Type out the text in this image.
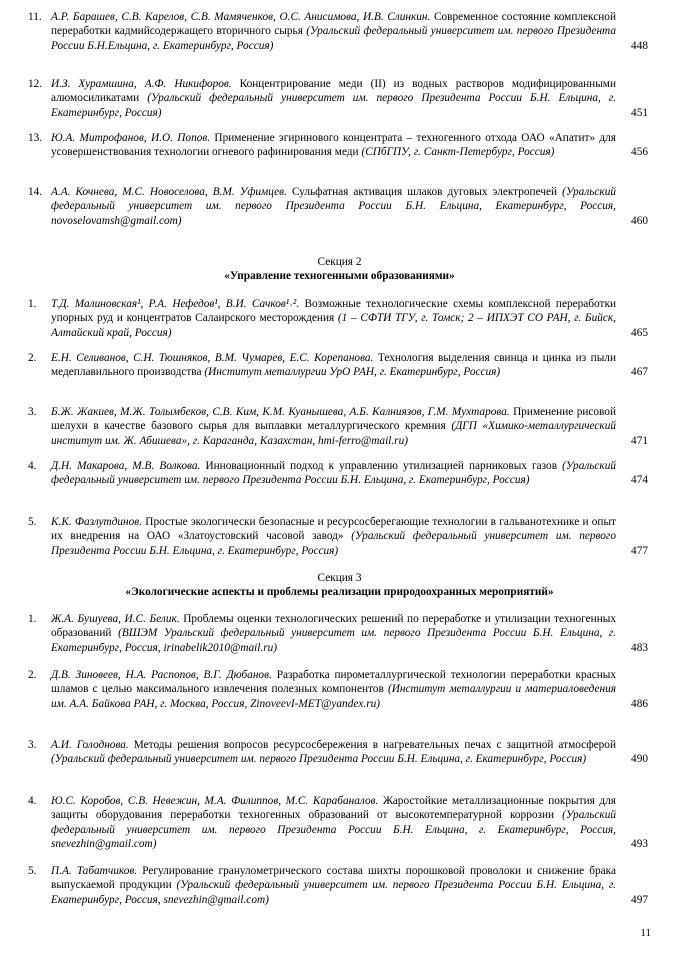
11. А.Р. Барашев, С.В. Карелов, С.В. Мамяченков, О.С. Анисимова, И.В. Слинкин. Современное состояние комплексной переработки кадмийсодержащего вторичного сырья (Уральский федеральный университет им. первого Президента России Б.Н.Ельцина, г. Екатеринбург, Россия)	448
12. И.З. Хурамшина, А.Ф. Никифоров. Концентрирование меди (II) из водных растворов модифицированными алюмосиликатами (Уральский федеральный университет им. первого Президента России Б.Н. Ельцина, г. Екатеринбург, Россия)	451
13. Ю.А. Митрофанов, И.О. Попов. Применение эгиринового концентрата – техногенного отхода ОАО «Апатит» для усовершенствования технологии огневого рафинирования меди (СПбГПУ, г. Санкт-Петербург, Россия)	456
14. А.А. Кочнева, М.С. Новоселова, В.М. Уфимцев. Сульфатная активация шлаков дуговых электропечей (Уральский федеральный университет им. первого Президента России Б.Н. Ельцина, Екатеринбург, Россия, novoselovamsh@gmail.com)	460
Секция 2
«Управление техногенными образованиями»
1.	Т.Д. Малиновская¹, Р.А. Нефедов¹, В.И. Сачков¹˒². Возможные технологические схемы комплексной переработки упорных руд и концентратов Салаирского месторождения (1 – СФТИ ТГУ, г. Томск; 2 – ИПХЭТ СО РАН, г. Бийск, Алтайский край, Россия)	465
2.	Е.Н. Селиванов, С.Н. Тюшняков, В.М. Чумарев, Е.С. Корепанова. Технология выделения свинца и цинка из пыли медеплавильного производства (Институт металлургии УрО РАН, г. Екатеринбург, Россия)	467
3.	Б.Ж. Жакиев, М.Ж. Толымбеков, С.В. Ким, К.М. Куанышева, А.Б. Калниязов, Г.М. Мухтарова. Применение рисовой шелухи в качестве базового сырья для выплавки металлургического кремния (ДГП «Химико-металлургический институт им. Ж. Абишева», г. Караганда, Казахстан, hmi-ferro@mail.ru)	471
4.	Д.Н. Макарова, М.В. Волкова. Инновационный подход к управлению утилизацией парниковых газов (Уральский федеральный университет им. первого Президента России Б.Н. Ельцина, г. Екатеринбург, Россия)	474
5.	К.К. Фазлутдинов. Простые экологически безопасные и ресурсосберегающие технологии в гальванотехнике и опыт их внедрения на ОАО «Златоустовский часовой завод» (Уральский федеральный университет им. первого Президента России Б.Н. Ельцина, г. Екатеринбург, Россия)	477
Секция 3
«Экологические аспекты и проблемы реализации природоохранных мероприятий»
1.	Ж.А. Бушуева, И.С. Белик. Проблемы оценки технологических решений по переработке и утилизации техногенных образований (ВШЭМ Уральский федеральный университет им. первого Президента России Б.Н. Ельцина, г. Екатеринбург, Россия, irinabelik2010@mail.ru)	483
2.	Д.В. Зиновеев, Н.А. Распопов, В.Г. Дюбанов. Разработка пирометаллургической технологии переработки красных шламов с целью максимального извлечения полезных компонентов (Институт металлургии и материаловедения им. А.А. Байкова РАН, г. Москва, Россия, ZinoveevI-MET@yandex.ru)	486
3.	А.И. Голоднова. Методы решения вопросов ресурсосбережения в нагревательных печах с защитной атмосферой (Уральский федеральный университет им. первого Президента России Б.Н. Ельцина, г. Екатеринбург, Россия)	490
4.	Ю.С. Коробов, С.В. Невежин, М.А. Филиппов, М.С. Карабаналов. Жаростойкие металлизационные покрытия для защиты оборудования переработки техногенных образований от высокотемпературной коррозии (Уральский федеральный университет им. первого Президента России Б.Н. Ельцина, г. Екатеринбург, Россия, snevezhin@gmail.com)	493
5.	П.А. Табатчиков. Регулирование гранулометрического состава шихты порошковой проволоки и снижение брака выпускаемой продукции (Уральский федеральный университет им. первого Президента России Б.Н. Ельцина, г. Екатеринбург, Россия, snevezhin@gmail.com)	497
11
